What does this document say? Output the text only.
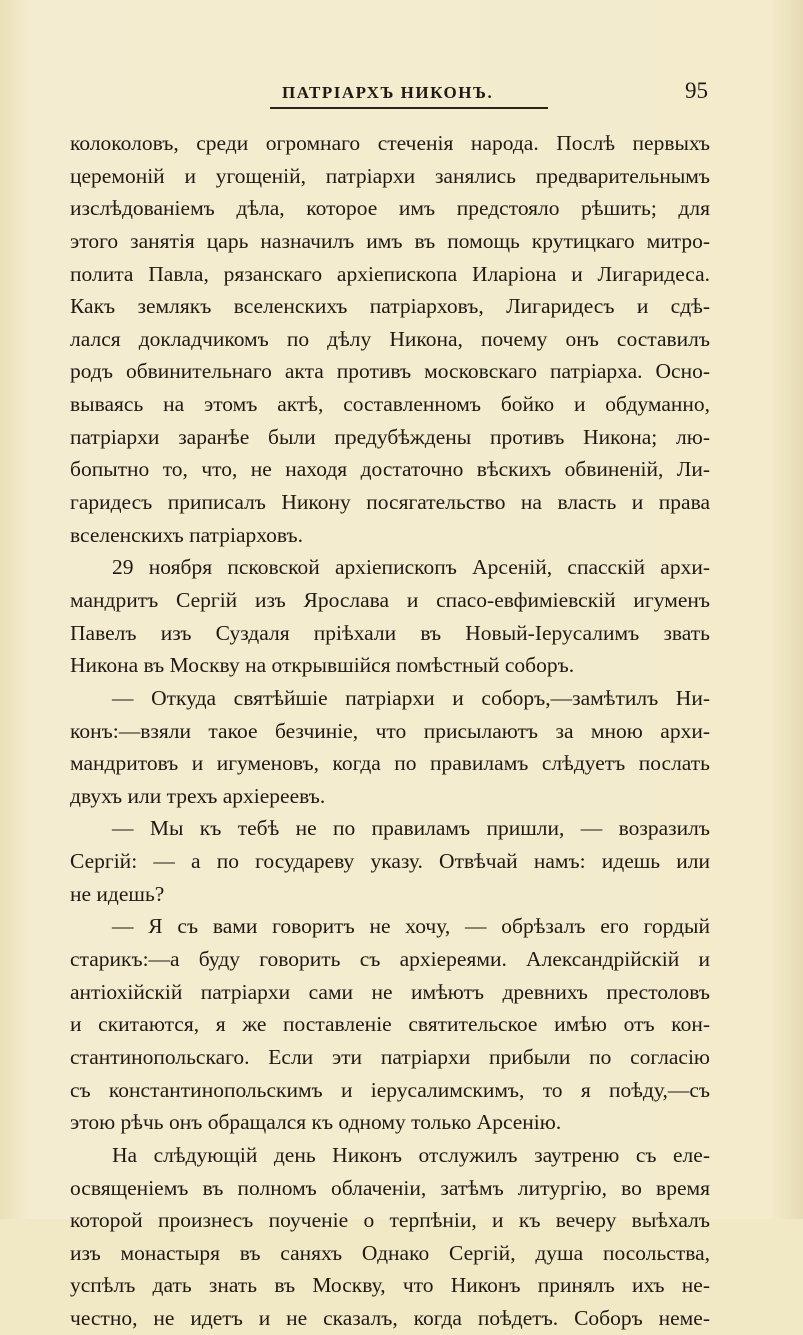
ПАТРІАРХЪ НИКОНЪ.	95
колоколовъ, среди огромнаго стеченія народа. Послѣ первыхъ
церемоній и угощеній, патріархи занялись предварительнымъ
изслѣдованіемъ дѣла, которое имъ предстояло рѣшить; для
этого занятія царь назначилъ имъ въ помощь крутицкаго митро-
полита Павла, рязанскаго архіепископа Иларіона и Лигаридеса.
Какъ землякъ вселенскихъ патріарховъ, Лигаридесъ и сдѣ-
лался докладчикомъ по дѣлу Никона, почему онъ составилъ
родъ обвинительнаго акта противъ московскаго патріарха. Осно-
вываясь на этомъ актѣ, составленномъ бойко и обдуманно,
патріархи заранѣе были предубѣждены противъ Никона; лю-
бопытно то, что, не находя достаточно вѣскихъ обвиненій, Ли-
гаридесъ приписалъ Никону посягательство на власть и права
вселенскихъ патріарховъ.
29 ноября псковской архіепископъ Арсеній, спасскій архи-
мандритъ Сергій изъ Ярослава и спасо-евфиміевскій игуменъ
Павелъ изъ Суздаля пріѣхали въ Новый-Іерусалимъ звать
Никона въ Москву на открывшійся помѣстный соборъ.
— Откуда святѣйшіе патріархи и соборъ,—замѣтилъ Ни-
конъ:—взяли такое безчиніе, что присылаютъ за мною архи-
мандритовъ и игуменовъ, когда по правиламъ слѣдуетъ послать
двухъ или трехъ архіереевъ.
— Мы къ тебѣ не по правиламъ пришли, — возразилъ
Сергій: — а по государеву указу. Отвѣчай намъ: идешь или
не идешь?
— Я съ вами говоритъ не хочу, — обрѣзалъ его гордый
старикъ:—а буду говорить съ архіереями. Александрійскій и
антіохійскій патріархи сами не имѣютъ древнихъ престоловъ
и скитаются, я же поставленіе святительское имѣю отъ кон-
стантинопольскаго. Если эти патріархи прибыли по согласію
съ константинопольскимъ и іерусалимскимъ, то я поѣду,—съ
этою рѣчь онъ обращался къ одному только Арсенію.
На слѣдующій день Никонъ отслужилъ заутреню съ еле-
освященіемъ въ полномъ облаченіи, затѣмъ литургію, во время
которой произнесъ поученіе о терпѣніи, и къ вечеру выѣхалъ
изъ монастыря въ саняхъ Однако Сергій, душа посольства,
успѣлъ дать знать въ Москву, что Никонъ принялъ ихъ не-
честно, не идетъ и не сказалъ, когда поѣдетъ. Соборъ неме-
